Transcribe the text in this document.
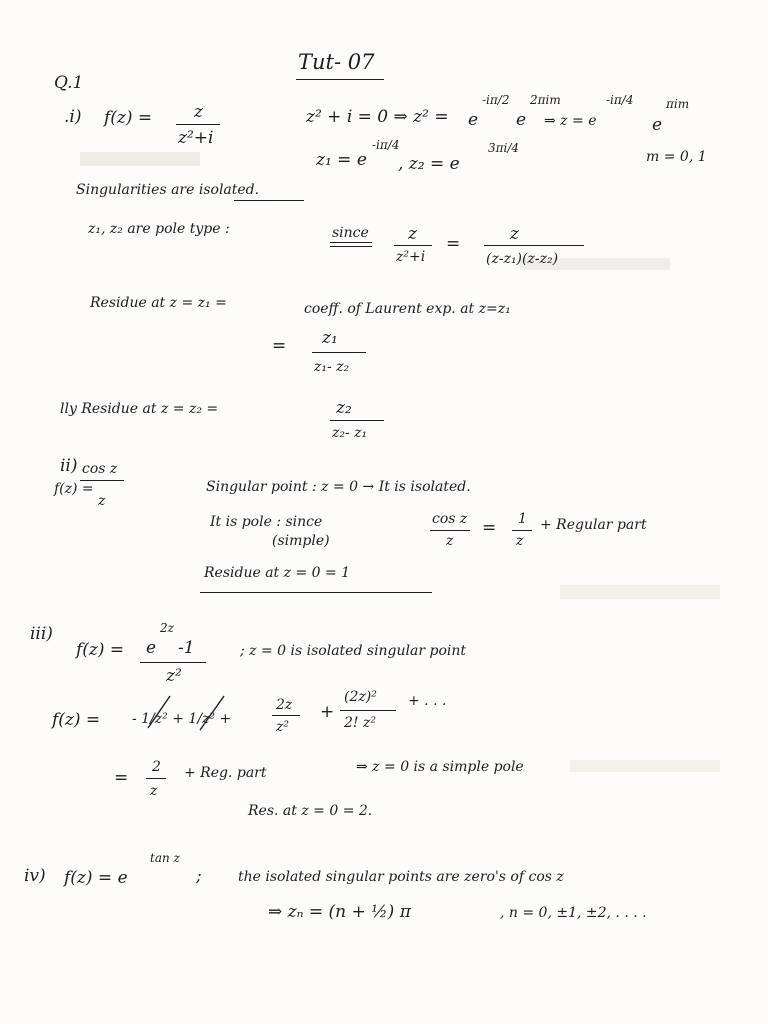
Tut- 07
Q.1
.i) f(z) = z
z²+i
z² + i = 0 ⇒ z² = e
-iπ/2
e
2πim
⇒ z = e
-iπ/4
e
πim
z₁ = e
-iπ/4
, z₂ = e
3πi/4
m = 0, 1
Singularities are isolated.
z₁, z₂ are pole type :	since z
z²+i
=	z
(z-z₁)(z-z₂)
Residue at z = z₁ =	coeff. of Laurent exp. at z=z₁
= z₁
z₁- z₂
lly Residue at z = z₂ =	z₂
z₂- z₁
ii)
f(z) =
cos z
z
Singular point : z = 0 → It is isolated.
It is pole : since
(simple)
cos z
z
= 1
z
+ Regular part
Residue at z = 0 = 1
iii)
f(z) = e
2z
-1
z²
; z = 0 is isolated singular point
f(z) = - 1/z² + 1/z² +
2z
z²
+
(2z)²
2! z²
+ . . .
=
2
z
+ Reg. part	⇒ z = 0 is a simple pole
Res. at z = 0 = 2.
iv) f(z) = e
tan z
;	the isolated singular points are zero's of cos z
⇒ zₙ = (n + ½) π	, n = 0, ±1, ±2, . . . .
